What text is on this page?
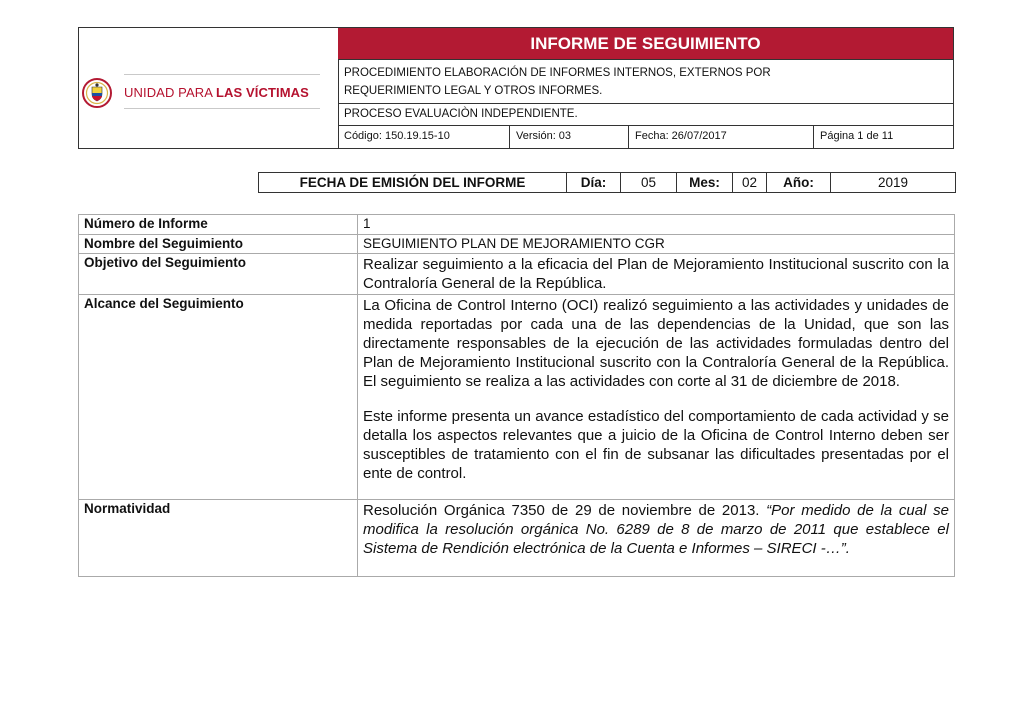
UNIDAD PARA LAS VÍCTIMAS
INFORME DE SEGUIMIENTO
PROCEDIMIENTO ELABORACIÓN DE INFORMES INTERNOS, EXTERNOS POR
REQUERIMIENTO LEGAL Y OTROS INFORMES.
PROCESO EVALUACIÒN INDEPENDIENTE.
Código: 150.19.15-10	Versión: 03	Fecha: 26/07/2017	Página 1 de 11
FECHA DE EMISIÓN DEL INFORME	Día:	05	Mes:	02	Año:	2019
Número de Informe	1
Nombre del Seguimiento	SEGUIMIENTO PLAN DE MEJORAMIENTO CGR
Objetivo del Seguimiento	Realizar seguimiento a la eficacia del Plan de Mejoramiento Institucional suscrito con la Contraloría General de la República.
Alcance del Seguimiento	La Oficina de Control Interno (OCI) realizó seguimiento a las actividades y unidades de medida reportadas por cada una de las dependencias de la Unidad, que son las directamente responsables de la ejecución de las actividades formuladas dentro del Plan de Mejoramiento Institucional suscrito con la Contraloría General de la República. El seguimiento se realiza a las actividades con corte al 31 de diciembre de 2018.

Este informe presenta un avance estadístico del comportamiento de cada actividad y se detalla los aspectos relevantes que a juicio de la Oficina de Control Interno deben ser susceptibles de tratamiento con el fin de subsanar las dificultades presentadas por el ente de control.

Normatividad	Resolución Orgánica 7350 de 29 de noviembre de 2013. “Por medido de la cual se modifica la resolución orgánica No. 6289 de 8 de marzo de 2011 que establece el Sistema de Rendición electrónica de la Cuenta e Informes – SIRECI -…”.
